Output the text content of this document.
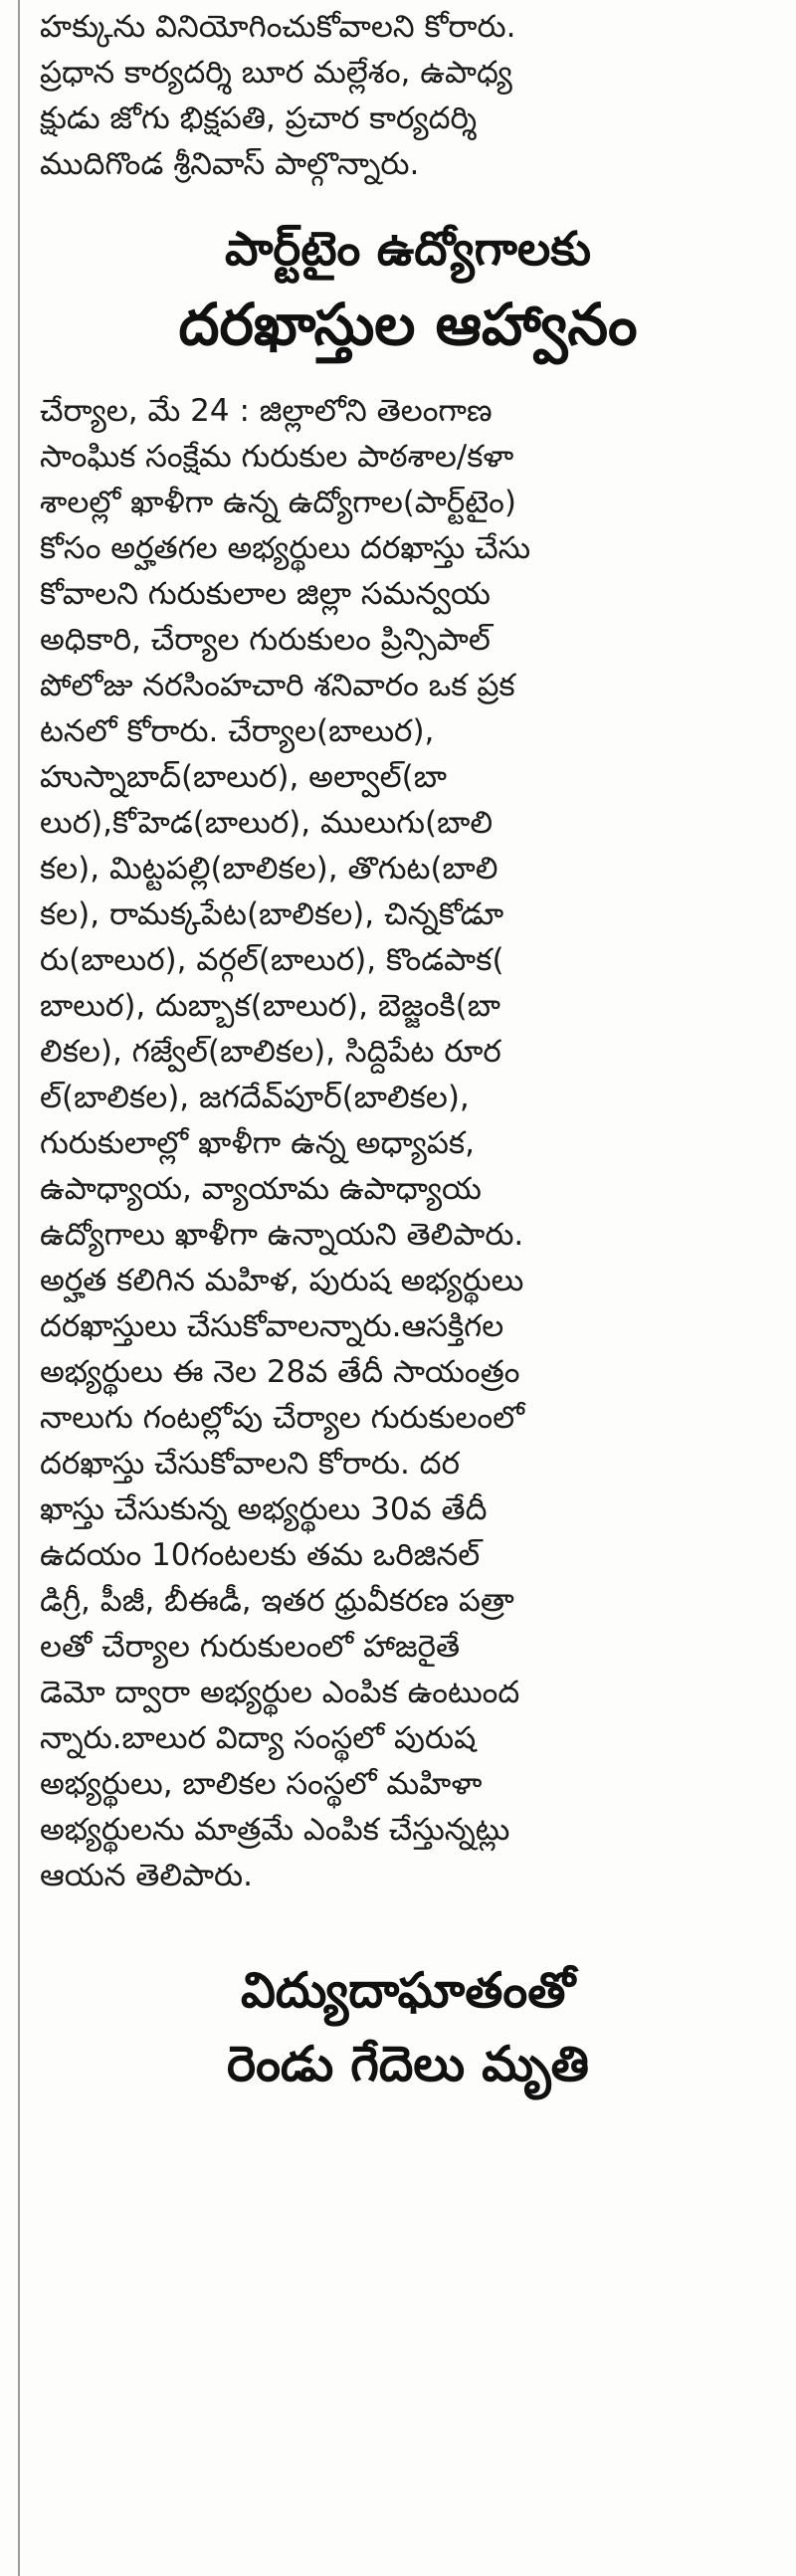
హక్కును వినియోగించుకోవాలని కోరారు.
ప్రధాన కార్యదర్శి బూర మల్లేశం, ఉపాధ్య
క్షుడు జోగు భిక్షపతి, ప్రచార కార్యదర్శి
ముదిగొండ శ్రీనివాస్ పాల్గొన్నారు.
పార్ట్‌టైం ఉద్యోగాలకు
దరఖాస్తుల ఆహ్వానం
చేర్యాల, మే 24 : జిల్లాలోని తెలంగాణ
సాంఘిక సంక్షేమ గురుకుల పాఠశాల/కళా
శాలల్లో ఖాళీగా ఉన్న ఉద్యోగాల(పార్ట్‌టైం)
కోసం అర్హతగల అభ్యర్థులు దరఖాస్తు చేసు
కోవాలని గురుకులాల జిల్లా సమన్వయ
అధికారి, చేర్యాల గురుకులం ప్రిన్సిపాల్
పోలోజు నరసింహచారి శనివారం ఒక ప్రక
టనలో కోరారు. చేర్యాల(బాలుర),
హుస్నాబాద్(బాలుర), అల్వాల్(బా
లుర),కోహెడ(బాలుర), ములుగు(బాలి
కల), మిట్టపల్లి(బాలికల), తొగుట(బాలి
కల), రామక్కపేట(బాలికల), చిన్నకోడూ
రు(బాలుర), వర్గల్(బాలుర), కొండపాక(
బాలుర), దుబ్బాక(బాలుర), బెజ్జంకి(బా
లికల), గజ్వేల్(బాలికల), సిద్దిపేట రూర
ల్(బాలికల), జగదేవ్‌పూర్(బాలికల),
గురుకులాల్లో ఖాళీగా ఉన్న అధ్యాపక,
ఉపాధ్యాయ, వ్యాయామ ఉపాధ్యాయ
ఉద్యోగాలు ఖాళీగా ఉన్నాయని తెలిపారు.
అర్హత కలిగిన మహిళ, పురుష అభ్యర్థులు
దరఖాస్తులు చేసుకోవాలన్నారు.ఆసక్తిగల
అభ్యర్థులు ఈ నెల 28వ తేదీ సాయంత్రం
నాలుగు గంటల్లోపు చేర్యాల గురుకులంలో
దరఖాస్తు చేసుకోవాలని కోరారు. దర
ఖాస్తు చేసుకున్న అభ్యర్థులు 30వ తేదీ
ఉదయం 10గంటలకు తమ ఒరిజినల్
డిగ్రీ, పీజీ, బీఈడీ, ఇతర ధ్రువీకరణ పత్రా
లతో చేర్యాల గురుకులంలో హాజరైతే
డెమో ద్వారా అభ్యర్థుల ఎంపిక ఉంటుంద
న్నారు.బాలుర విద్యా సంస్థలో పురుష
అభ్యర్థులు, బాలికల సంస్థలో మహిళా
అభ్యర్థులను మాత్రమే ఎంపిక చేస్తున్నట్లు
ఆయన తెలిపారు.
విద్యుదాఘాతంతో
రెండు గేదెలు మృతి
